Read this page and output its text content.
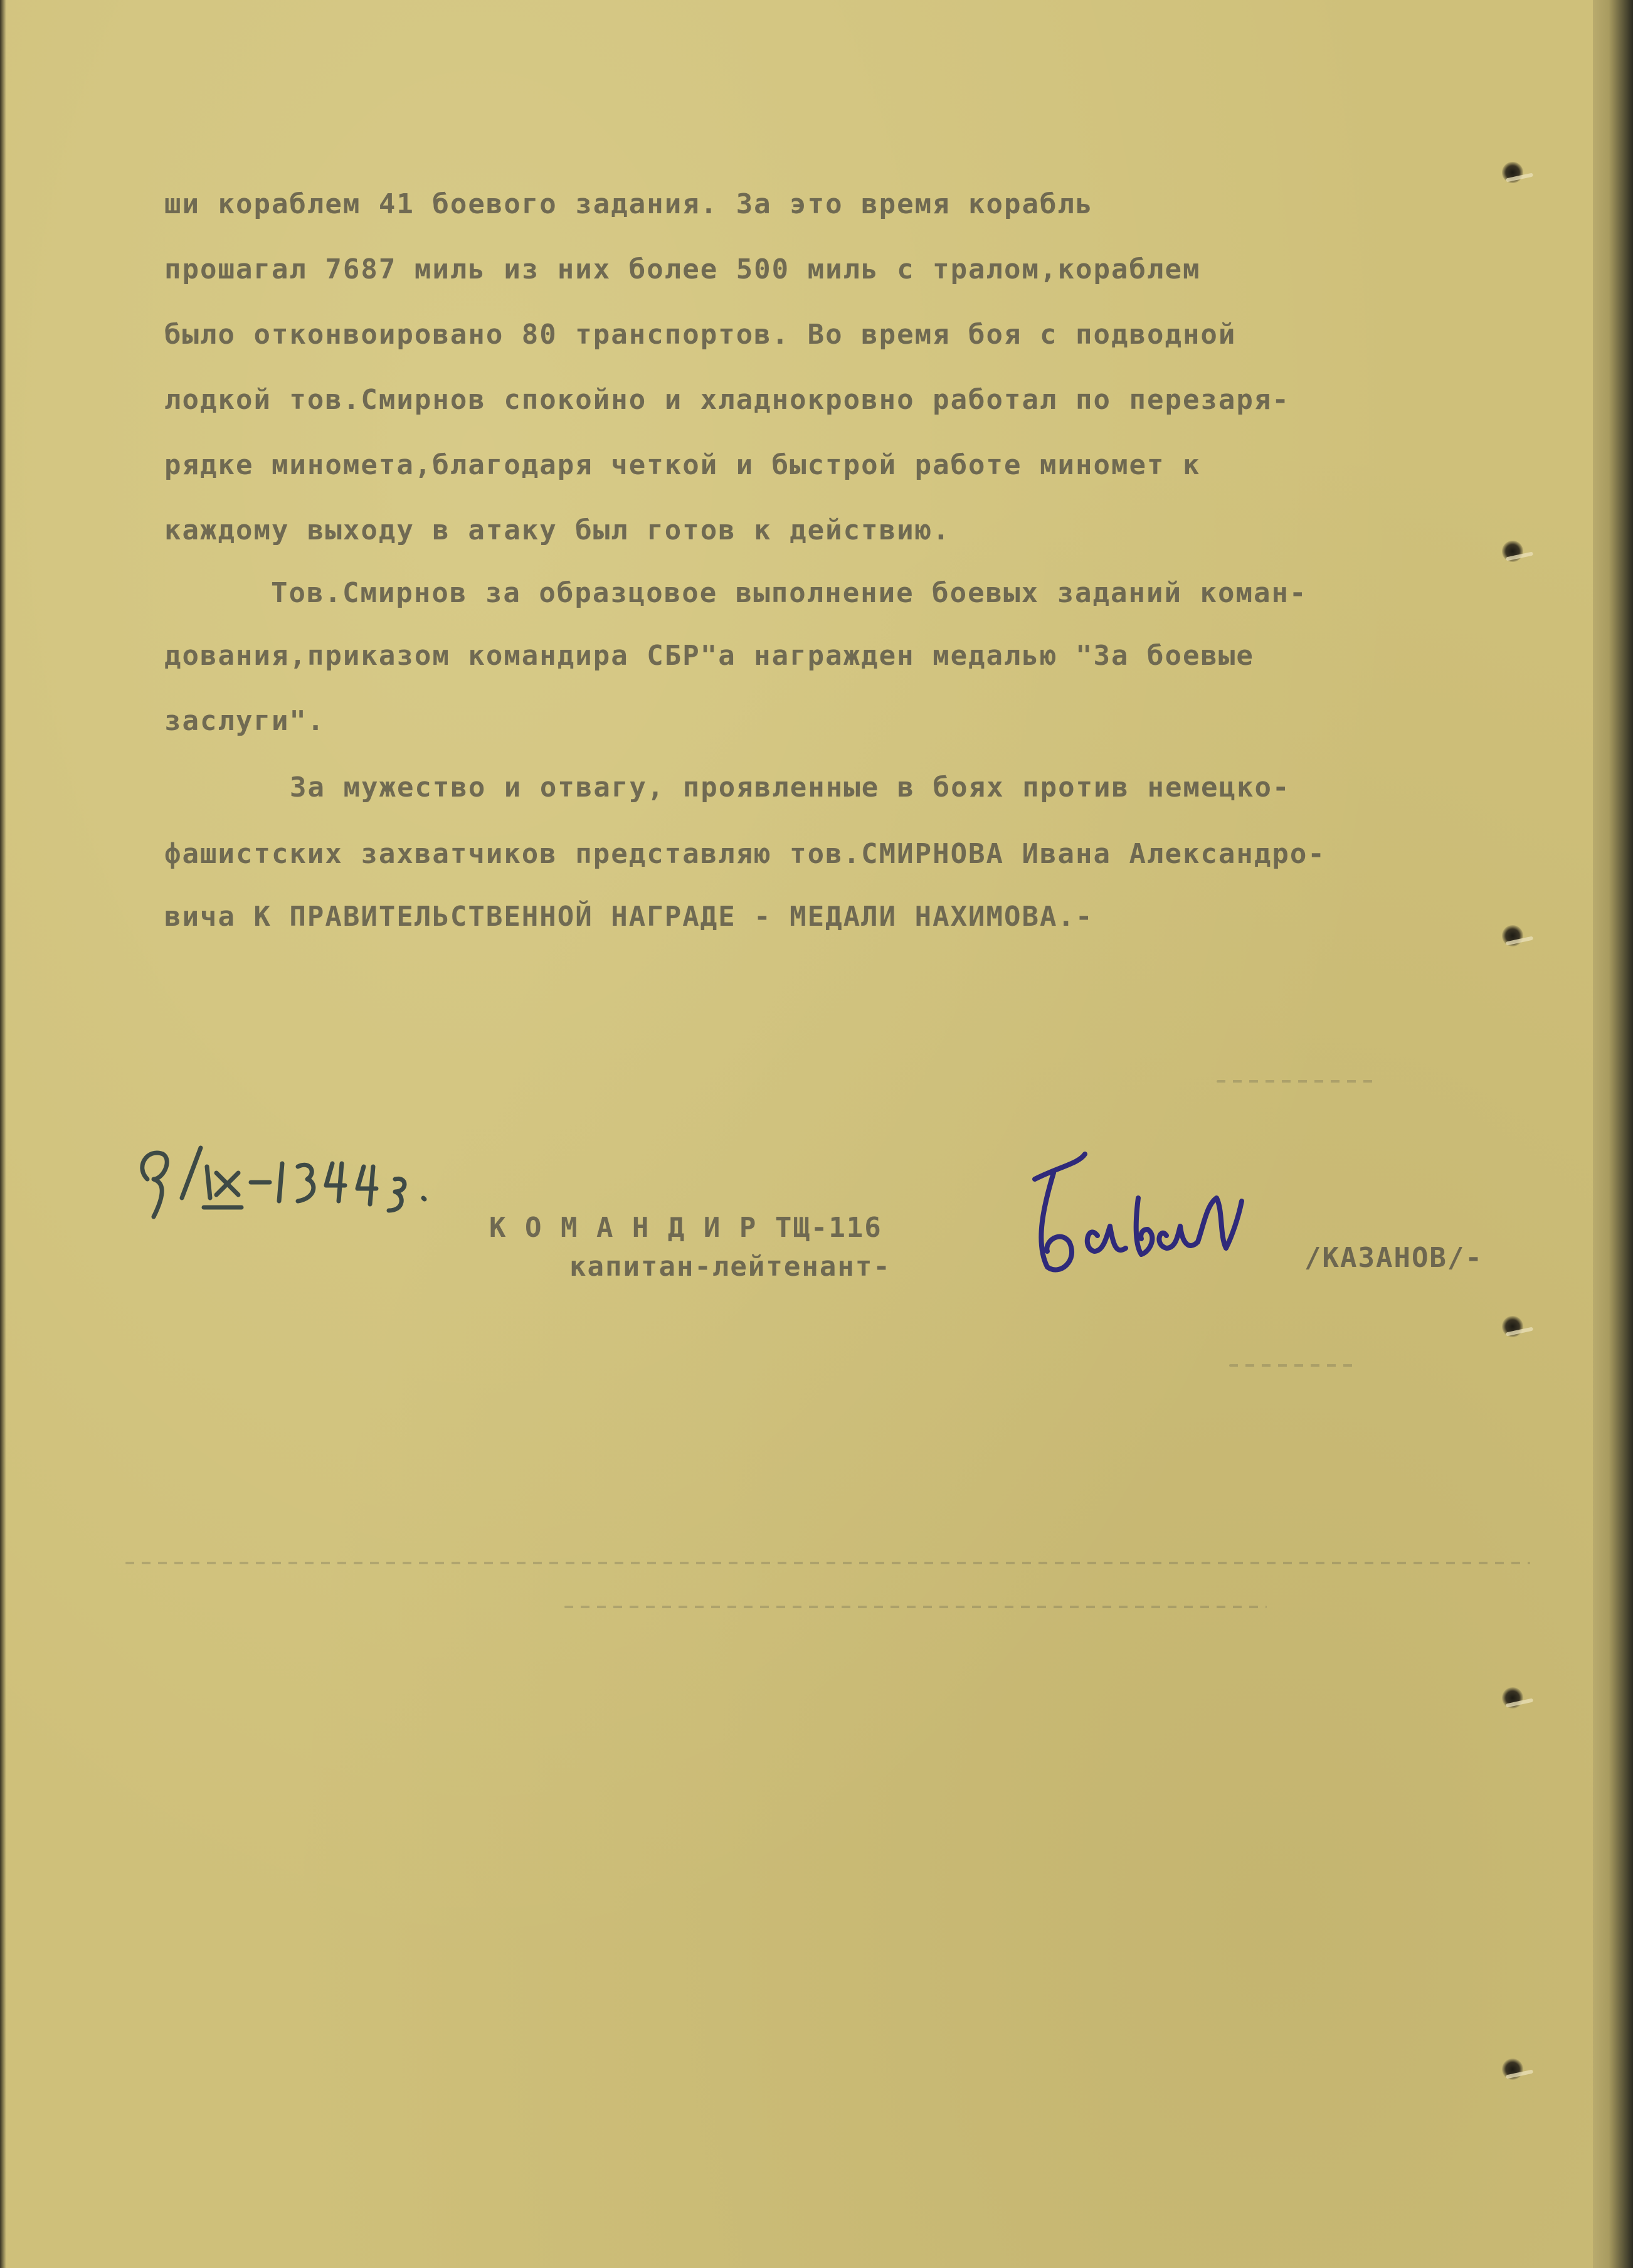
ши кораблем 41 боевого задания. За это время корабль

прошагал 7687 миль из них более 500 миль с тралом,кораблем

было отконвоировано 80 транспортов. Во время боя с подводной

лодкой тов.Смирнов спокойно и хладнокровно работал по перезаря-

рядке миномета,благодаря четкой и быстрой работе миномет к

каждому выходу в атаку был готов к действию.

Тов.Смирнов за образцовое выполнение боевых заданий коман-

дования,приказом командира СБР"а награжден медалью "За боевые

заслуги".

За мужество и отвагу, проявленные в боях против немецко-

фашистских захватчиков представляю тов.СМИРНОВА Ивана Александро-

вича К ПРАВИТЕЛЬСТВЕННОЙ НАГРАДЕ - МЕДАЛИ НАХИМОВА.-

К О М А Н Д И Р ТЩ-116

капитан-лейтенант-	/КАЗАНОВ/-
